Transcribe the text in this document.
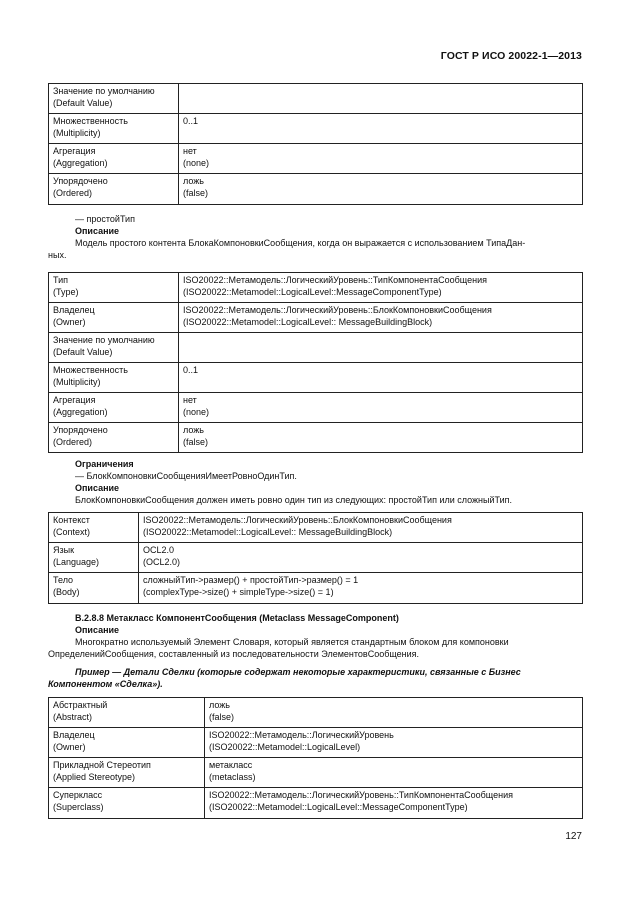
ГОСТ Р ИСО 20022-1—2013
Значение по умолчанию
(Default Value)	

Множественность
(Multiplicity)	0..1

Агрегация
(Aggregation)	нет
(none)

Упорядочено
(Ordered)	ложь
(false)
— простойТип
Описание
Модель простого контента БлокаКомпоновкиСообщения, когда он выражается с использованием ТипаДан-
ных.
Тип
(Type)	ISO20022::Метамодель::ЛогическийУровень::ТипКомпонентаСообщения
(ISO20022::Metamodel::LogicalLevel::MessageComponentType)

Владелец
(Owner)	ISO20022::Метамодель::ЛогическийУровень::БлокКомпоновкиСообщения
(ISO20022::Metamodel::LogicalLevel:: MessageBuildingBlock)

Значение по умолчанию
(Default Value)	

Множественность
(Multiplicity)	0..1

Агрегация
(Aggregation)	нет
(none)

Упорядочено
(Ordered)	ложь
(false)
Ограничения
— БлокКомпоновкиСообщенияИмеетРовноОдинТип.
Описание
БлокКомпоновкиСообщения должен иметь ровно один тип из следующих: простойТип или сложныйТип.
Контекст
(Context)	ISO20022::Метамодель::ЛогическийУровень::БлокКомпоновкиСообщения
(ISO20022::Metamodel::LogicalLevel:: MessageBuildingBlock)

Язык
(Language)	OCL2.0
(OCL2.0)

Тело
(Body)	сложныйТип->размер() + простойТип->размер() = 1
(complexType->size() + simpleType->size() = 1)
В.2.8.8 Метакласс КомпонентСообщения (Metaclass MessageComponent)
Описание
Многократно используемый Элемент Словаря, который является стандартным блоком для компоновки
ОпределенийСообщения, составленный из последовательности ЭлементовСообщения.
Пример — Детали Сделки (которые содержат некоторые характеристики, связанные с Бизнес
Компонентом «Сделка»).
Абстрактный
(Abstract)	ложь
(false)

Владелец
(Owner)	ISO20022::Метамодель::ЛогическийУровень
(ISO20022::Metamodel::LogicalLevel)

Прикладной Стереотип
(Applied Stereotype)	метакласс
(metaclass)

Суперкласс
(Superclass)	ISO20022::Метамодель::ЛогическийУровень::ТипКомпонентаСообщения
(ISO20022::Metamodel::LogicalLevel::MessageComponentType)
127
